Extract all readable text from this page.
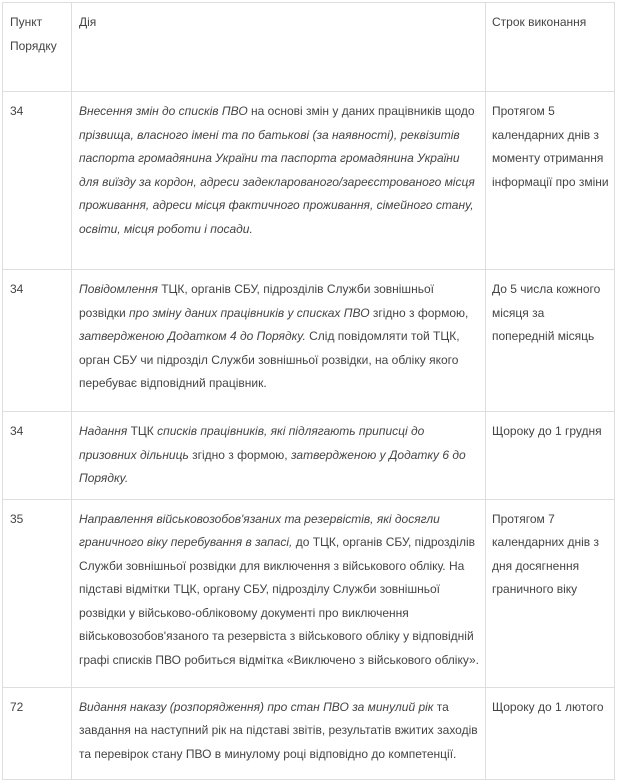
Пункт Порядку	Дія	Строк виконання
34	Внесення змін до списків ПВО на основі змін у даних працівників щодо прізвища, власного імені та по батькові (за наявності), реквізитів паспорта громадянина України та паспорта громадянина України для виїзду за кордон, адреси задекларованого/зареєстрованого місця проживання, адреси місця фактичного проживання, сімейного стану, освіти, місця роботи і посади.	Протягом 5 календарних днів з моменту отримання інформації про зміни
34	Повідомлення ТЦК, органів СБУ, підрозділів Служби зовнішньої розвідки про зміну даних працівників у списках ПВО згідно з формою, затвердженою Додатком 4 до Порядку. Слід повідомляти той ТЦК, орган СБУ чи підрозділ Служби зовнішньої розвідки, на обліку якого перебуває відповідний працівник.	До 5 числа кожного місяця за попередній місяць
34	Надання ТЦК списків працівників, які підлягають приписці до призовних дільниць згідно з формою, затвердженою у Додатку 6 до Порядку.	Щороку до 1 грудня
35	Направлення військовозобов'язаних та резервістів, які досягли граничного віку перебування в запасі, до ТЦК, органів СБУ, підрозділів Служби зовнішньої розвідки для виключення з військового обліку. На підставі відмітки ТЦК, органу СБУ, підрозділу Служби зовнішньої розвідки у військово-обліковому документі про виключення військовозобов'язаного та резервіста з військового обліку у відповідній графі списків ПВО робиться відмітка «Виключено з військового обліку».	Протягом 7 календарних днів з дня досягнення граничного віку
72	Видання наказу (розпорядження) про стан ПВО за минулий рік та завдання на наступний рік на підставі звітів, результатів вжитих заходів та перевірок стану ПВО в минулому році відповідно до компетенції.	Щороку до 1 лютого
